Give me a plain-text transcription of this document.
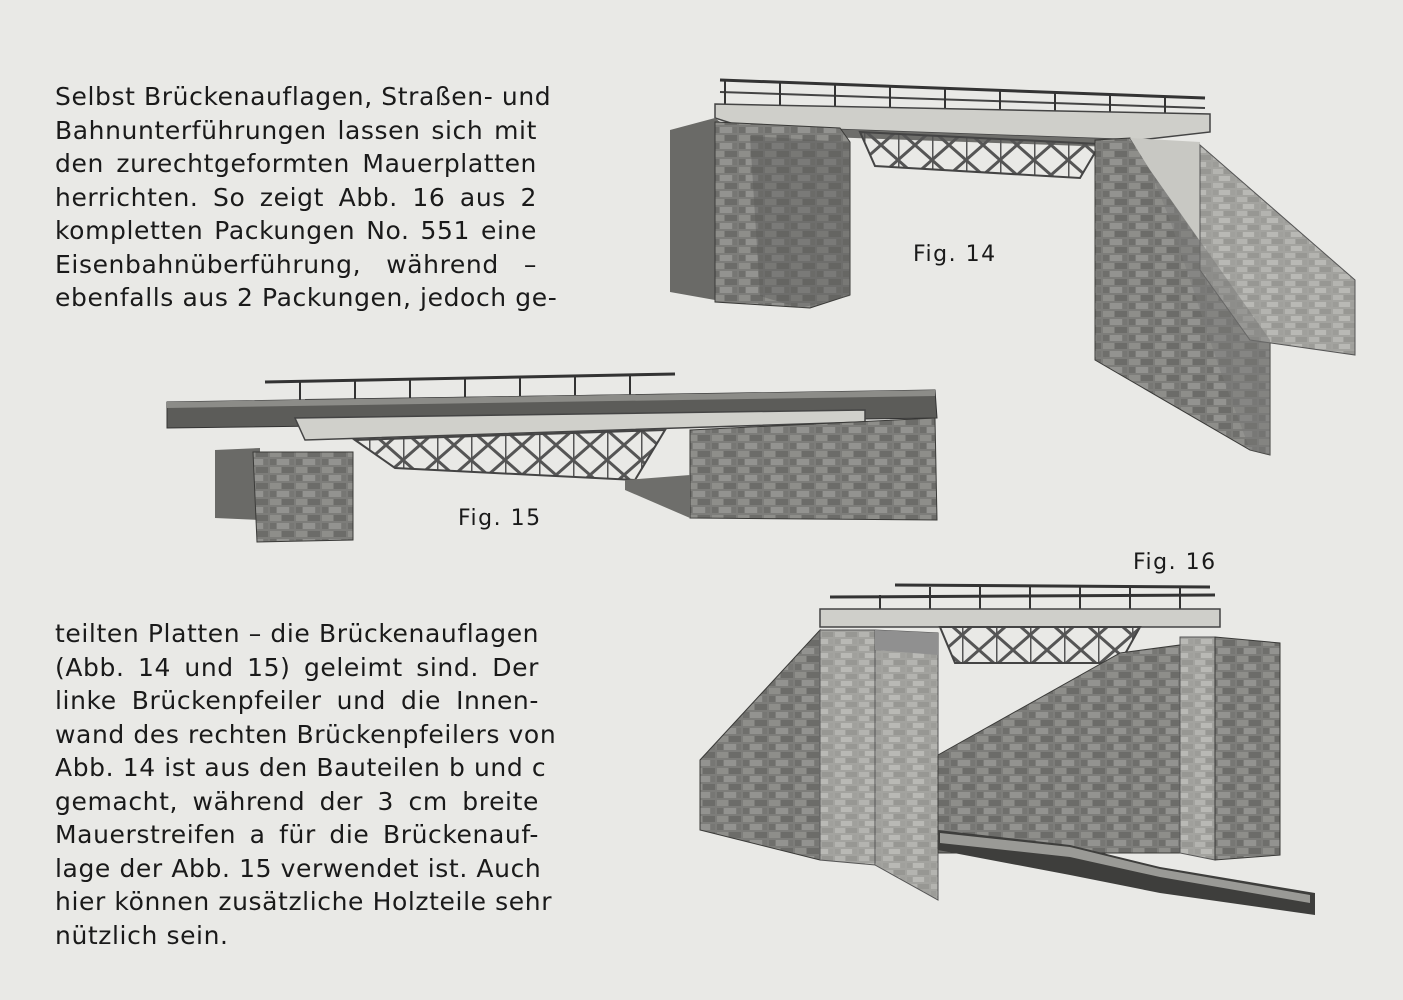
Selbst Brückenauflagen, Straßen- und
Bahnunterführungen lassen sich mit
den zurechtgeformten Mauerplatten
herrichten. So zeigt Abb. 16 aus 2
kompletten Packungen No. 551 eine
Eisenbahnüberführung, während –
ebenfalls aus 2 Packungen, jedoch ge-
teilten Platten – die Brückenauflagen
(Abb. 14 und 15) geleimt sind. Der
linke Brückenpfeiler und die Innen-
wand des rechten Brückenpfeilers von
Abb. 14 ist aus den Bauteilen b und c
gemacht, während der 3 cm breite
Mauerstreifen a für die Brückenauf-
lage der Abb. 15 verwendet ist. Auch
hier können zusätzliche Holzteile sehr
nützlich sein.
Fig. 14
Fig. 15
Fig. 16
